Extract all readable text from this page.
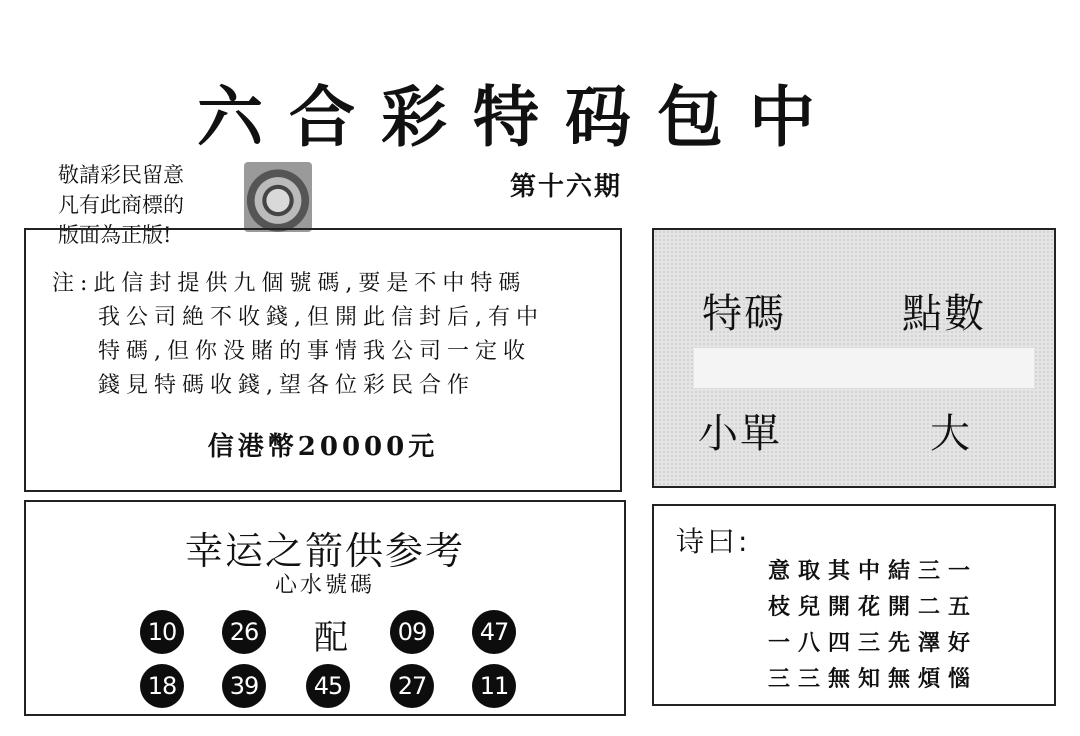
六合彩特码包中
敬請彩民留意
凡有此商標的
版面為正版!
第十六期
注:此信封提供九個號碼,要是不中特碼
我公司絶不收錢,但開此信封后,有中
特碼,但你没賭的事情我公司一定收
錢見特碼收錢,望各位彩民合作
信港幣20000元
特碼	點數
小單	大
幸运之箭供参考
心水號碼
10	26 配	09	47
18	39	45	27	11
诗曰:
意取其中結三一
枝兒開花開二五
一八四三先澤好
三三無知無煩惱
